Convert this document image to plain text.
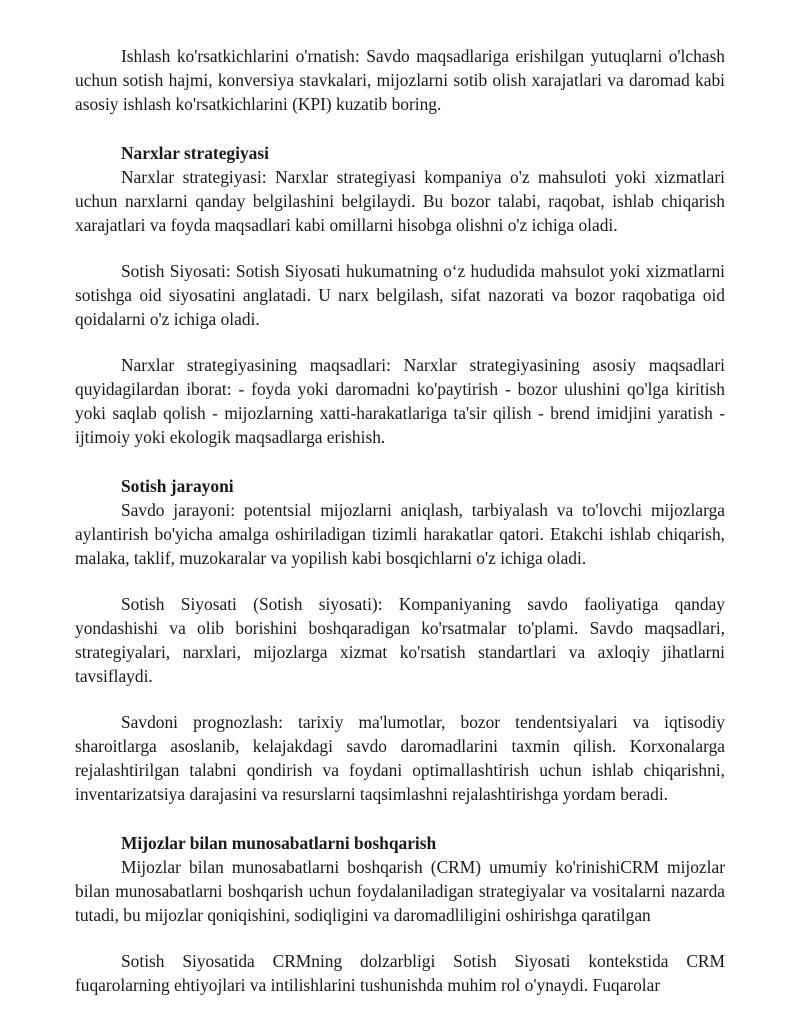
Ishlash ko'rsatkichlarini o'rnatish: Savdo maqsadlariga erishilgan yutuqlarni o'lchash uchun sotish hajmi, konversiya stavkalari, mijozlarni sotib olish xarajatlari va daromad kabi asosiy ishlash ko'rsatkichlarini (KPI) kuzatib boring.

Narxlar strategiyasi

Narxlar strategiyasi: Narxlar strategiyasi kompaniya o'z mahsuloti yoki xizmatlari uchun narxlarni qanday belgilashini belgilaydi. Bu bozor talabi, raqobat, ishlab chiqarish xarajatlari va foyda maqsadlari kabi omillarni hisobga olishni o'z ichiga oladi.

Sotish Siyosati: Sotish Siyosati hukumatning o‘z hududida mahsulot yoki xizmatlarni sotishga oid siyosatini anglatadi. U narx belgilash, sifat nazorati va bozor raqobatiga oid qoidalarni o'z ichiga oladi.

Narxlar strategiyasining maqsadlari: Narxlar strategiyasining asosiy maqsadlari quyidagilardan iborat: - foyda yoki daromadni ko'paytirish - bozor ulushini qo'lga kiritish yoki saqlab qolish - mijozlarning xatti-harakatlariga ta'sir qilish - brend imidjini yaratish - ijtimoiy yoki ekologik maqsadlarga erishish.

Sotish jarayoni

Savdo jarayoni: potentsial mijozlarni aniqlash, tarbiyalash va to'lovchi mijozlarga aylantirish bo'yicha amalga oshiriladigan tizimli harakatlar qatori. Etakchi ishlab chiqarish, malaka, taklif, muzokaralar va yopilish kabi bosqichlarni o'z ichiga oladi.

Sotish Siyosati (Sotish siyosati): Kompaniyaning savdo faoliyatiga qanday yondashishi va olib borishini boshqaradigan ko'rsatmalar to'plami. Savdo maqsadlari, strategiyalari, narxlari, mijozlarga xizmat ko'rsatish standartlari va axloqiy jihatlarni tavsiflaydi.

Savdoni prognozlash: tarixiy ma'lumotlar, bozor tendentsiyalari va iqtisodiy sharoitlarga asoslanib, kelajakdagi savdo daromadlarini taxmin qilish. Korxonalarga rejalashtirilgan talabni qondirish va foydani optimallashtirish uchun ishlab chiqarishni, inventarizatsiya darajasini va resurslarni taqsimlashni rejalashtirishga yordam beradi.

Mijozlar bilan munosabatlarni boshqarish

Mijozlar bilan munosabatlarni boshqarish (CRM) umumiy ko'rinishiCRM mijozlar bilan munosabatlarni boshqarish uchun foydalaniladigan strategiyalar va vositalarni nazarda tutadi, bu mijozlar qoniqishini, sodiqligini va daromadliligini oshirishga qaratilgan

Sotish Siyosatida CRMning dolzarbligi Sotish Siyosati kontekstida CRM fuqarolarning ehtiyojlari va intilishlarini tushunishda muhim rol o'ynaydi. Fuqarolar
